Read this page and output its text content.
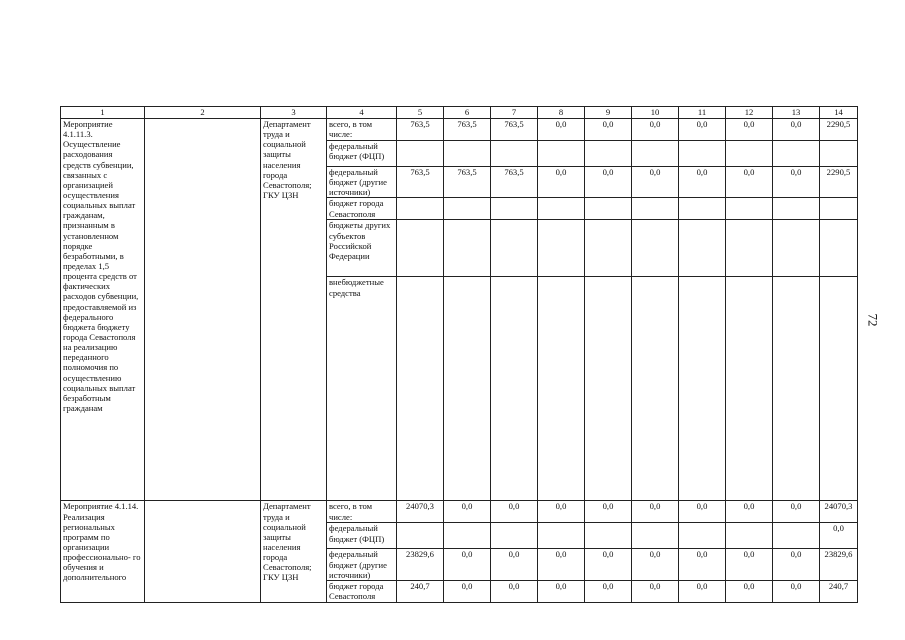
1	2	3	4	5	6	7	8	9	10	11	12	13	14
Мероприятие 4.1.11.3. Осуществление расходования средств субвенции, связанных с организацией осуществления социальных выплат гражданам, признанным в установленном порядке безработными, в пределах 1,5 процента средств от фактических расходов субвенции, предоставляемой из федерального бюджета бюджету города Севастополя на реализацию переданного полномочия по осуществлению социальных выплат безработным гражданам		Департамент труда и социальной защиты населения города Севастополя; ГКУ ЦЗН	всего, в том числе:	763,5	763,5	763,5	0,0	0,0	0,0	0,0	0,0	0,0	2290,5
			федеральный бюджет (ФЦП)										
			федеральный бюджет (другие источники)	763,5	763,5	763,5	0,0	0,0	0,0	0,0	0,0	0,0	2290,5
			бюджет города Севастополя										
			бюджеты других субъектов Российской Федерации										
			внебюджетные средства										
Мероприятие 4.1.14. Реализация региональных программ по организации профессионально- го обучения и дополнительного		Департамент труда и социальной защиты населения города Севастополя; ГКУ ЦЗН	всего, в том числе:	24070,3	0,0	0,0	0,0	0,0	0,0	0,0	0,0	0,0	24070,3
			федеральный бюджет (ФЦП)										0,0
			федеральный бюджет (другие источники)	23829,6	0,0	0,0	0,0	0,0	0,0	0,0	0,0	0,0	23829,6
			бюджет города Севастополя	240,7	0,0	0,0	0,0	0,0	0,0	0,0	0,0	0,0	240,7
72
